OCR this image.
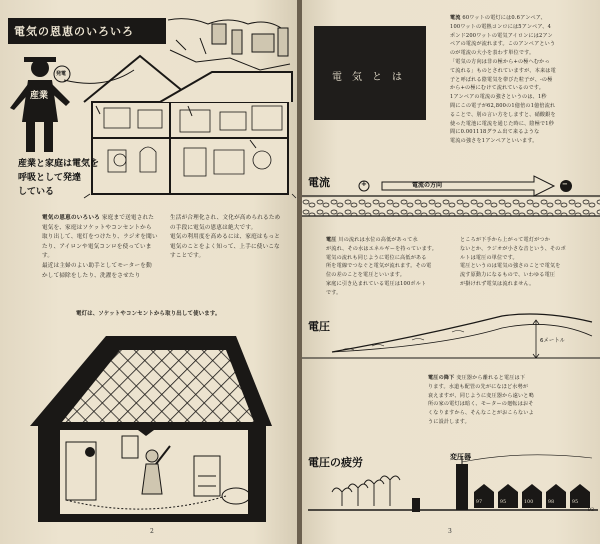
電気の恩恵のいろいろ
産業
発電
産業と家庭は電気を
呼吸として発達
している
電気の恩恵のいろいろ 家庭まで送電された
電気を、家庭はソケットやコンセントから
取り出して、電灯をつけたり、ラジオを聞い
たり、アイロンや電気コンロを使っています。
最近は主婦のよい助手としてモーターを動
かして掃除をしたり、洗濯をさせたり
生活が合理化され、文化が高められるため
の手段に電気の恩恵は絶大です。
電気の利用度を高めるには、家庭はもっと
電気のことをよく知って、上手に使いこな
すことです。
電灯は、ソケットやコンセントから取り出して使います。
2
電　気　と　は
電流 60ワットの電灯には0.6アンペア、
100ワットの電熱コンロには5アンペア、4
ポンド200ワットの電気アイロンには2アン
ペアの電流が流れます。このアンペアという
のが電流の大小を表わす単位です。
「電気の方向は非の極から+の極へむかっ
て流れる」ものとされていますが、本来は電
子と呼ばれる陰電気を帯びた粒子が、-の極
から+の極にむけて流れているのです。
1アンペアの電流の強さというのは、1秒
間にこの電子が62,800の1億倍の1億倍流れ
ることで、別の言い方をしますと、硝酸銀を
使った電池に電流を通じた時に、陰極で1秒
間に0.001118グラム出て来るような
電流の強さを1アンペアといいます。
電流	+	電流の方向	−
電圧 川の流れは水位の高低があって水
が流れ、その水はエネルギーを持っています。
電気の流れも同じように電位に高低がある
所を電線でつなぐと電気が流れます。その電
位の差のことを電圧といいます。
家庭に引き込まれている電圧は100ボルト
です。
ところが下手から上がって電灯がつか
ないとか、ラジオが小さな音という、そのボ
ルトは電圧の単位です。
電圧というのは電気の強さのことで電気を
流す原動力になるもので、いわゆる電圧
が掛けれず電気は流れません。
電圧
6メートル
電圧の降下 変圧器から離れると電圧は下
ります。水道も配管の先がになほど水勢が
衰えますが、同じように変圧器から遠いと鳴
所の家の電灯は暗く、モーターの廻転はおそ
くなりますから、そんなことがおこらないよ
うに設計します。
電圧の疲労	変圧器
97	95	100	98	95
93
3
